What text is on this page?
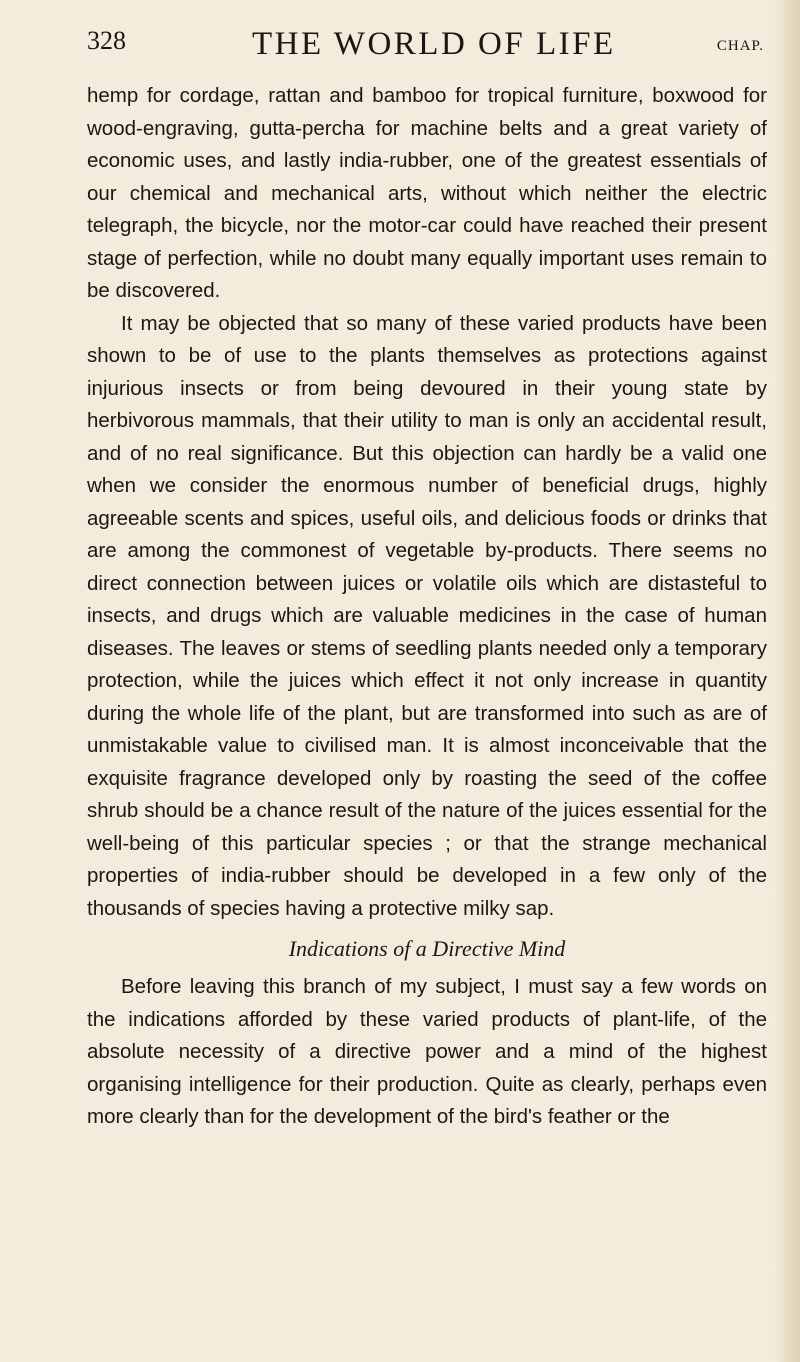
328	THE WORLD OF LIFE	CHAP.

hemp for cordage, rattan and bamboo for tropical furniture, boxwood for wood-engraving, gutta-percha for machine belts and a great variety of economic uses, and lastly india-rubber, one of the greatest essentials of our chemical and mechanical arts, without which neither the electric telegraph, the bicycle, nor the motor-car could have reached their present stage of perfection, while no doubt many equally important uses remain to be discovered.

It may be objected that so many of these varied products have been shown to be of use to the plants themselves as protections against injurious insects or from being devoured in their young state by herbivorous mammals, that their utility to man is only an accidental result, and of no real significance. But this objection can hardly be a valid one when we consider the enormous number of beneficial drugs, highly agreeable scents and spices, useful oils, and delicious foods or drinks that are among the commonest of vegetable by-products. There seems no direct connection between juices or volatile oils which are distasteful to insects, and drugs which are valuable medicines in the case of human diseases. The leaves or stems of seedling plants needed only a temporary protection, while the juices which effect it not only increase in quantity during the whole life of the plant, but are transformed into such as are of unmistakable value to civilised man. It is almost inconceivable that the exquisite fragrance developed only by roasting the seed of the coffee shrub should be a chance result of the nature of the juices essential for the well-being of this particular species ; or that the strange mechanical properties of india-rubber should be developed in a few only of the thousands of species having a protective milky sap.

Indications of a Directive Mind

Before leaving this branch of my subject, I must say a few words on the indications afforded by these varied products of plant-life, of the absolute necessity of a directive power and a mind of the highest organising intelligence for their production. Quite as clearly, perhaps even more clearly than for the development of the bird's feather or the
